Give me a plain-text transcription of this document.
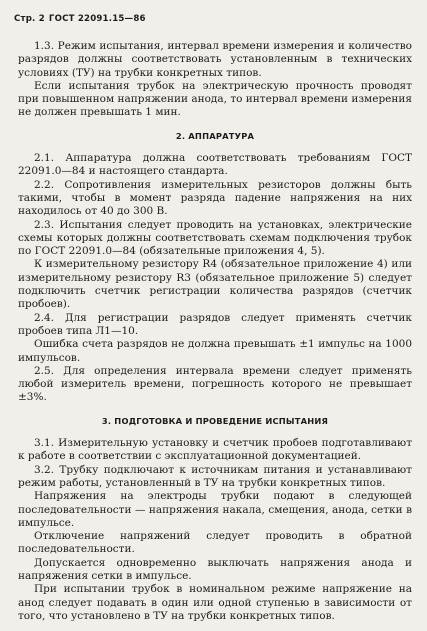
Стр. 2 ГОСТ 22091.15—86

1.3. Режим испытания, интервал времени измерения и количество разрядов должны соответствовать установленным в технических условиях (ТУ) на трубки конкретных типов.

Если испытания трубок на электрическую прочность проводят при повышенном напряжении анода, то интервал времени измерения не должен превышать 1 мин.

2. АППАРАТУРА

2.1. Аппаратура должна соответствовать требованиям ГОСТ 22091.0—84 и настоящего стандарта.

2.2. Сопротивления измерительных резисторов должны быть такими, чтобы в момент разряда падение напряжения на них находилось от 40 до 300 В.

2.3. Испытания следует проводить на установках, электрические схемы которых должны соответствовать схемам подключения трубок по ГОСТ 22091.0—84 (обязательные приложения 4, 5).

К измерительному резистору R4 (обязательное приложение 4) или измерительному резистору R3 (обязательное приложение 5) следует подключить счетчик регистрации количества разрядов (счетчик пробоев).

2.4. Для регистрации разрядов следует применять счетчик пробоев типа Л1—10.

Ошибка счета разрядов не должна превышать ±1 импульс на 1000 импульсов.

2.5. Для определения интервала времени следует применять любой измеритель времени, погрешность которого не превышает ±3%.

3. ПОДГОТОВКА И ПРОВЕДЕНИЕ ИСПЫТАНИЯ

3.1. Измерительную установку и счетчик пробоев подготавливают к работе в соответствии с эксплуатационной документацией.

3.2. Трубку подключают к источникам питания и устанавливают режим работы, установленный в ТУ на трубки конкретных типов.

Напряжения на электроды трубки подают в следующей последовательности — напряжения накала, смещения, анода, сетки в импульсе.

Отключение напряжений следует проводить в обратной последовательности.

Допускается одновременно выключать напряжения анода и напряжения сетки в импульсе.

При испытании трубок в номинальном режиме напряжение на анод следует подавать в один или одной ступенью в зависимости от того, что установлено в ТУ на трубки конкретных типов.
